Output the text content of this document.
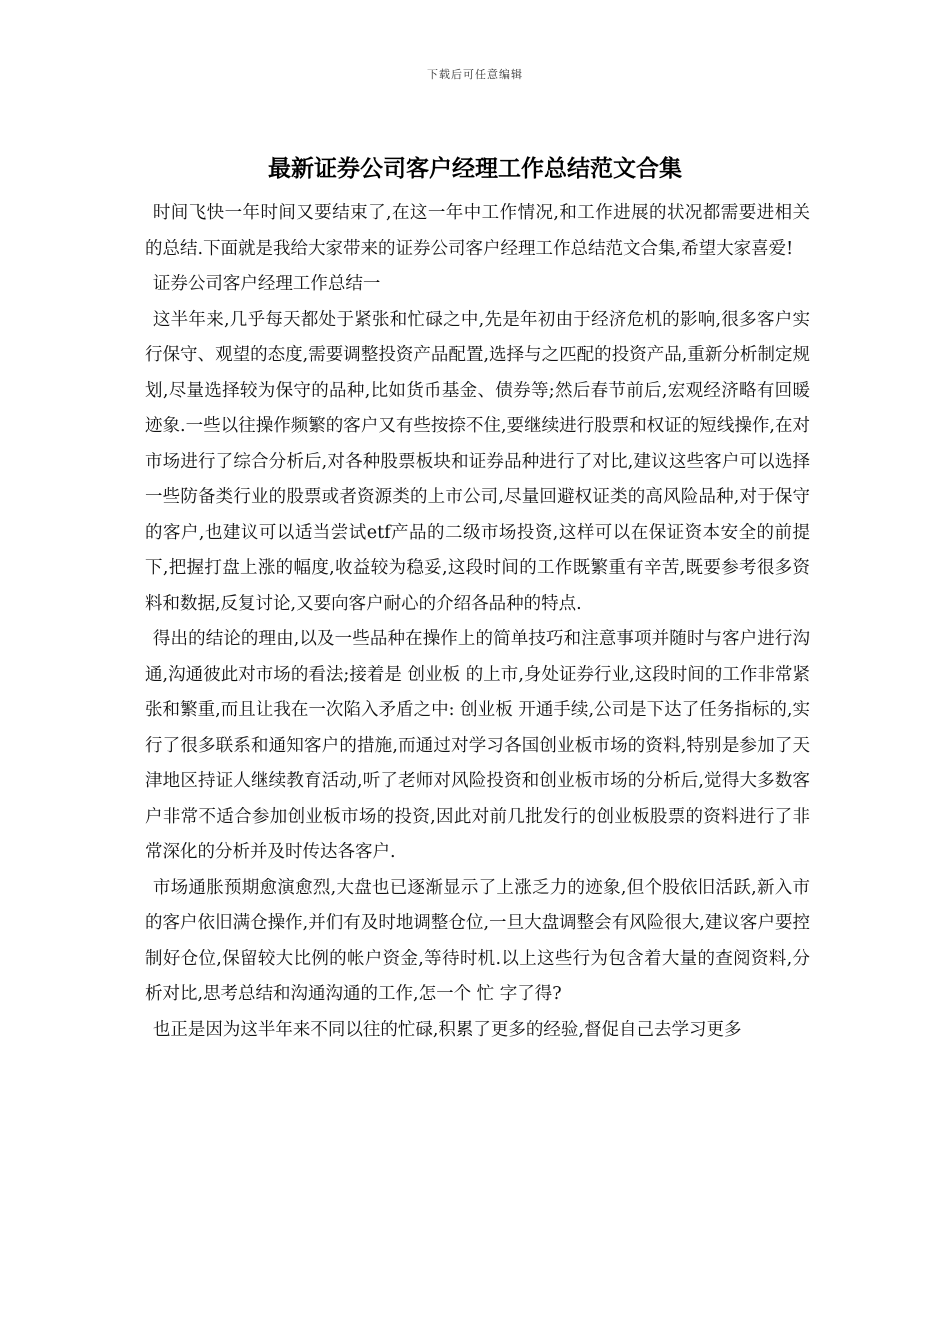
下载后可任意编辑
最新证券公司客户经理工作总结范文合集

时间飞快一年时间又要结束了,在这一年中工作情况,和工作进展的状况都需要进相关的总结.下面就是我给大家带来的证券公司客户经理工作总结范文合集,希望大家喜爱!

证券公司客户经理工作总结一

这半年来,几乎每天都处于紧张和忙碌之中,先是年初由于经济危机的影响,很多客户实行保守、观望的态度,需要调整投资产品配置,选择与之匹配的投资产品,重新分析制定规划,尽量选择较为保守的品种,比如货币基金、债券等;然后春节前后,宏观经济略有回暖迹象.一些以往操作频繁的客户又有些按捺不住,要继续进行股票和权证的短线操作,在对市场进行了综合分析后,对各种股票板块和证券品种进行了对比,建议这些客户可以选择一些防备类行业的股票或者资源类的上市公司,尽量回避权证类的高风险品种,对于保守的客户,也建议可以适当尝试etf产品的二级市场投资,这样可以在保证资本安全的前提下,把握打盘上涨的幅度,收益较为稳妥,这段时间的工作既繁重有辛苦,既要参考很多资料和数据,反复讨论,又要向客户耐心的介绍各品种的特点.

得出的结论的理由,以及一些品种在操作上的简单技巧和注意事项并随时与客户进行沟通,沟通彼此对市场的看法;接着是 创业板 的上市,身处证券行业,这段时间的工作非常紧张和繁重,而且让我在一次陷入矛盾之中: 创业板 开通手续,公司是下达了任务指标的,实行了很多联系和通知客户的措施,而通过对学习各国创业板市场的资料,特别是参加了天津地区持证人继续教育活动,听了老师对风险投资和创业板市场的分析后,觉得大多数客户非常不适合参加创业板市场的投资,因此对前几批发行的创业板股票的资料进行了非常深化的分析并及时传达各客户.

市场通胀预期愈演愈烈,大盘也已逐渐显示了上涨乏力的迹象,但个股依旧活跃,新入市的客户依旧满仓操作,并们有及时地调整仓位,一旦大盘调整会有风险很大,建议客户要控制好仓位,保留较大比例的帐户资金,等待时机.以上这些行为包含着大量的查阅资料,分析对比,思考总结和沟通沟通的工作,怎一个 忙 字了得?

也正是因为这半年来不同以往的忙碌,积累了更多的经验,督促自己去学习更多
